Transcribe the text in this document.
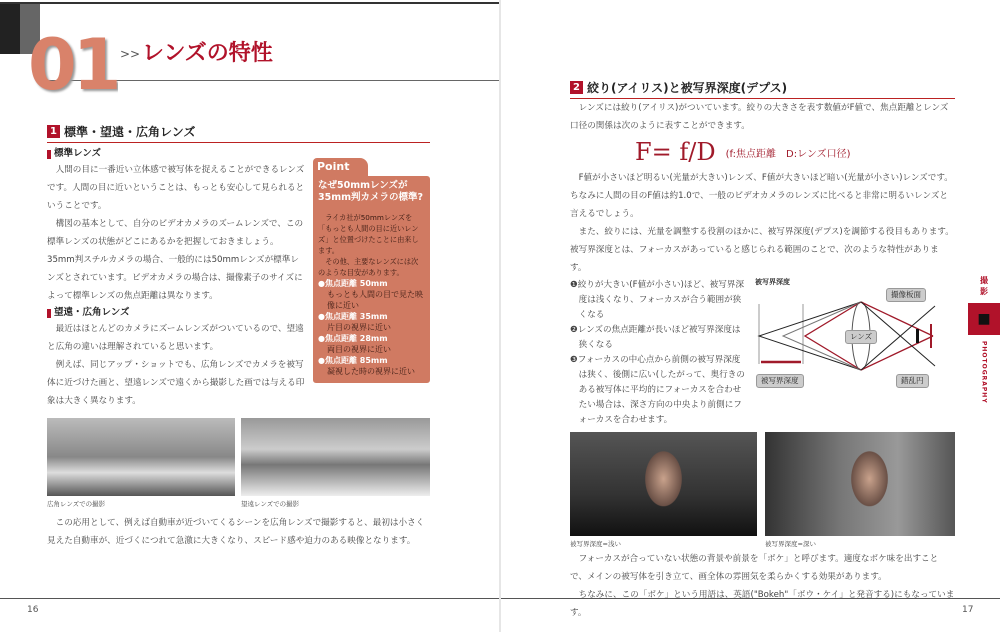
01 >> レンズの特性
1 標準・望遠・広角レンズ
標準レンズ
人間の目に一番近い立体感で被写体を捉えることができるレンズです。人間の目に近いということは、もっとも安心して見られるということです。
構図の基本として、自分のビデオカメラのズームレンズで、この標準レンズの状態がどこにあるかを把握しておきましょう。35mm判スチルカメラの場合、一般的には50mmレンズが標準レンズとされています。ビデオカメラの場合は、撮像素子のサイズによって標準レンズの焦点距離は異なります。
望遠・広角レンズ
最近はほとんどのカメラにズームレンズがついているので、望遠と広角の違いは理解されていると思います。
例えば、同じアップ・ショットでも、広角レンズでカメラを被写体に近づけた画と、望遠レンズで遠くから撮影した画では与える印象は大きく異なります。
広角レンズでの撮影	望遠レンズでの撮影
この応用として、例えば自動車が近づいてくるシーンを広角レンズで撮影すると、最初は小さく見えた自動車が、近づくにつれて急激に大きくなり、スピード感や迫力のある映像となります。
Point
なぜ50mmレンズが35mm判カメラの標準?
ライカ社が50mmレンズを「もっとも人間の目に近いレンズ」と位置づけたことに由来します。
その他、主要なレンズには次のような目安があります。
●焦点距離 50mm
もっとも人間の目で見た映像に近い
●焦点距離 35mm
片目の視界に近い
●焦点距離 28mm
両目の視界に近い
●焦点距離 85mm
凝視した時の視界に近い
16
2 絞り(アイリス)と被写界深度(デプス)
レンズには絞り(アイリス)がついています。絞りの大きさを表す数値がF値で、焦点距離とレンズ口径の関係は次のように表すことができます。
F= f/D (f:焦点距離　D:レンズ口径)
F値が小さいほど明るい(光量が大きい)レンズ、F値が大きいほど暗い(光量が小さい)レンズです。ちなみに人間の目のF値は約1.0で、一般のビデオカメラのレンズに比べると非常に明るいレンズと言えるでしょう。
また、絞りには、光量を調整する役割のほかに、被写界深度(デプス)を調節する役目もあります。被写界深度とは、フォーカスがあっていると感じられる範囲のことで、次のような特性があります。
❶絞りが大きい(F値が小さい)ほど、被写界深度は浅くなり、フォーカスが合う範囲が狭くなる
❷レンズの焦点距離が長いほど被写界深度は狭くなる
❸フォーカスの中心点から前側の被写界深度は狭く、後側に広い(したがって、奥行きのある被写体に平均的にフォーカスを合わせたい場合は、深さ方向の中央より前側にフォーカスを合わせます。
被写界深度
撮像板面
レンズ
被写界深度	錯乱円
被写界深度=浅い	被写界深度=深い
フォーカスが合っていない状態の背景や前景を「ボケ」と呼びます。適度なボケ味を出すことで、メインの被写体を引き立て、画全体の雰囲気を柔らかくする効果があります。
ちなみに、この「ボケ」という用語は、英語("Bokeh"「ボウ・ケイ」と発音する)にもなっています。
撮影
■
PHOTOGRAPHY
17
